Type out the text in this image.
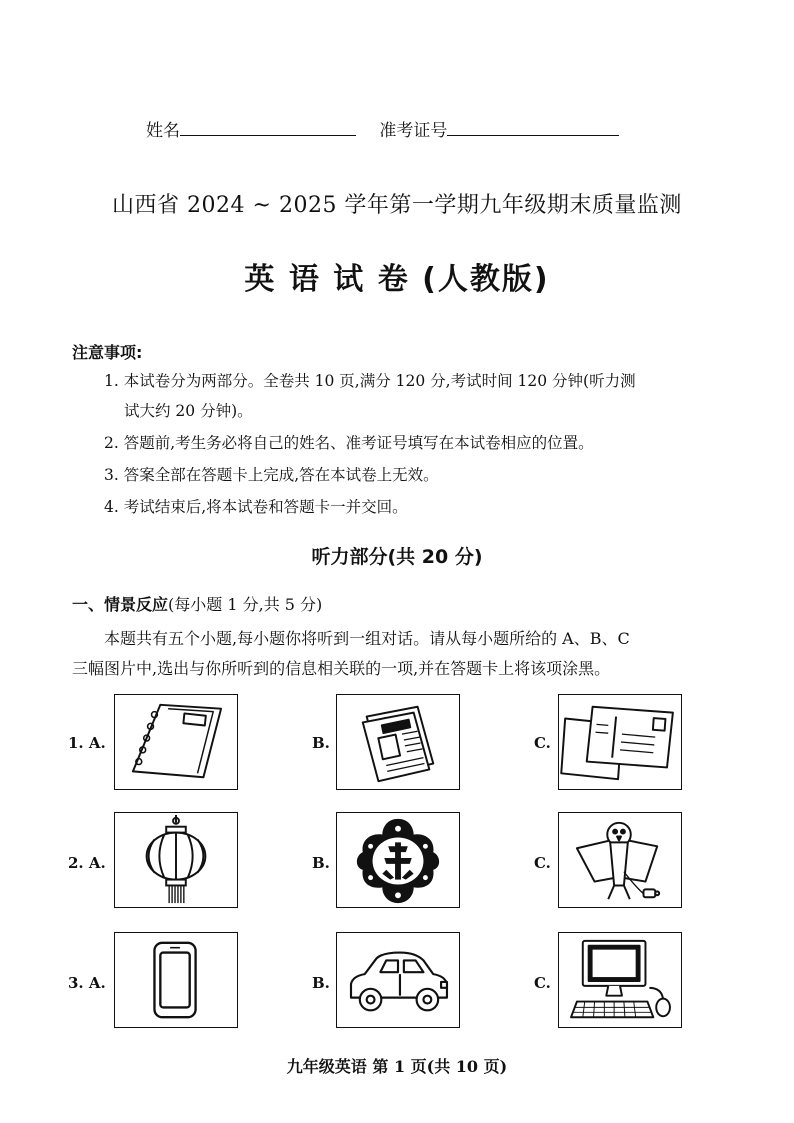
姓名	准考证号
山西省 2024 ~ 2025 学年第一学期九年级期末质量监测
英 语 试 卷 (人教版)
注意事项:
1. 本试卷分为两部分。全卷共 10 页,满分 120 分,考试时间 120 分钟(听力测
试大约 20 分钟)。
2. 答题前,考生务必将自己的姓名、准考证号填写在本试卷相应的位置。
3. 答案全部在答题卡上完成,答在本试卷上无效。
4. 考试结束后,将本试卷和答题卡一并交回。
听力部分(共 20 分)
一、情景反应(每小题 1 分,共 5 分)
本题共有五个小题,每小题你将听到一组对话。请从每小题所给的 A、B、C
三幅图片中,选出与你所听到的信息相关联的一项,并在答题卡上将该项涂黑。
1. A.	B.	C.
2. A.	B.	C.
3. A.	B.	C.
九年级英语 第 1 页(共 10 页)
